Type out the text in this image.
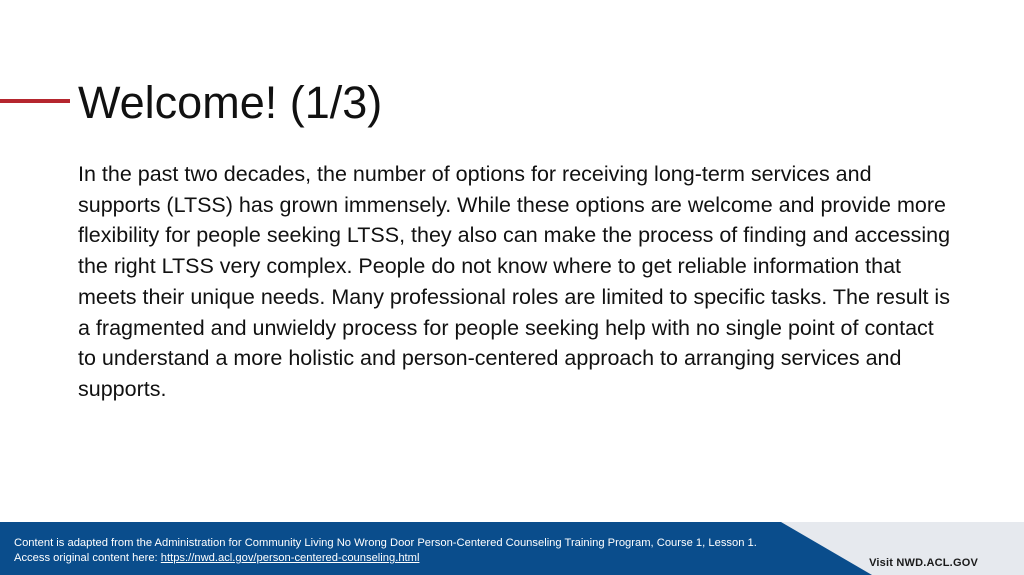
Welcome! (1/3)

In the past two decades, the number of options for receiving long-term services and supports (LTSS) has grown immensely. While these options are welcome and provide more flexibility for people seeking LTSS, they also can make the process of finding and accessing the right LTSS very complex. People do not know where to get reliable information that meets their unique needs. Many professional roles are limited to specific tasks. The result is a fragmented and unwieldy process for people seeking help with no single point of contact to understand a more holistic and person-centered approach to arranging services and supports.

Content is adapted from the Administration for Community Living No Wrong Door Person-Centered Counseling Training Program, Course 1, Lesson 1.
Access original content here: https://nwd.acl.gov/person-centered-counseling.html	Visit NWD.ACL.GOV
